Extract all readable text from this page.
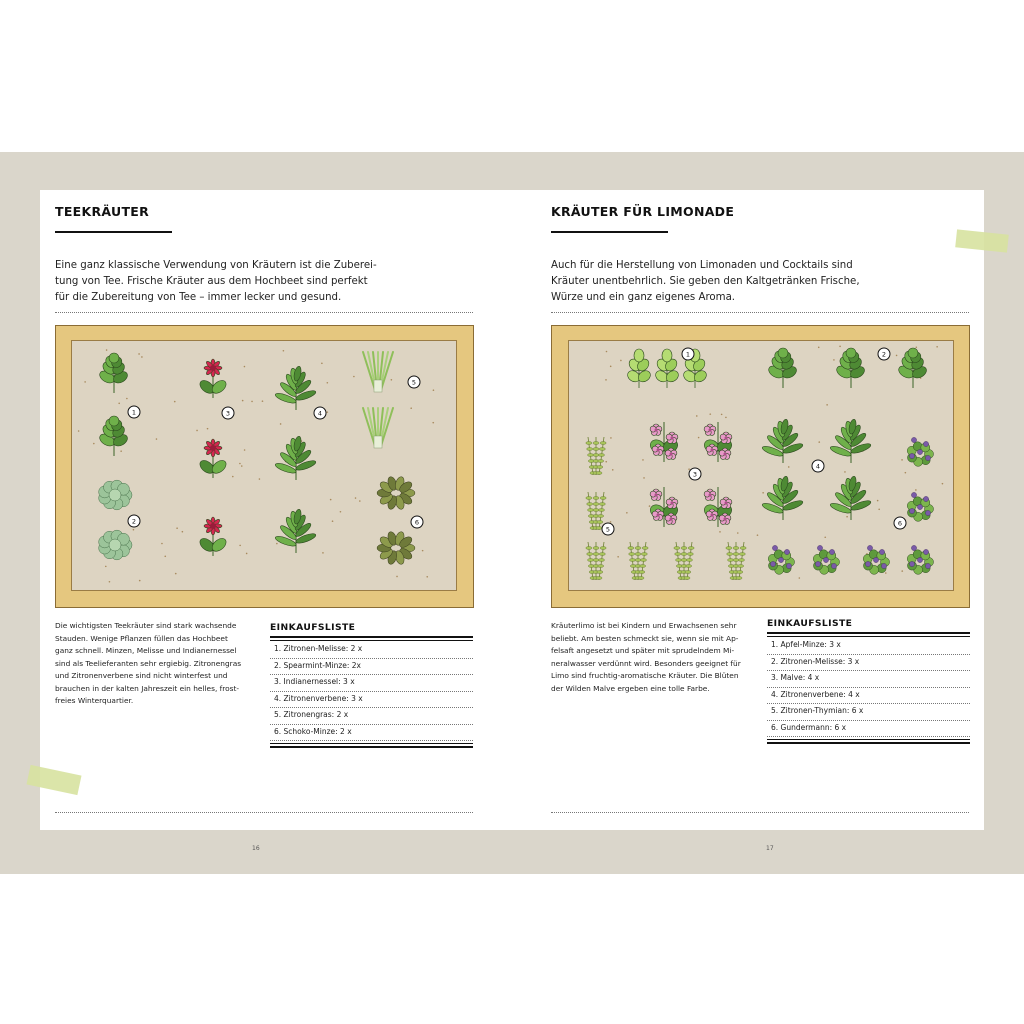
TEEKRÄUTER
Eine ganz klassische Verwendung von Kräutern ist die Zuberei-
tung von Tee. Frische Kräuter aus dem Hochbeet sind perfekt
für die Zubereitung von Tee – immer lecker und gesund.
1
2
3	4
5
6
Die wichtigsten Teekräuter sind stark wachsende
Stauden. Wenige Pflanzen füllen das Hochbeet
ganz schnell. Minzen, Melisse und Indianernessel
sind als Teelieferanten sehr ergiebig. Zitronengras
und Zitronenverbene sind nicht winterfest und
brauchen in der kalten Jahreszeit ein helles, frost-
freies Winterquartier.
EINKAUFSLISTE
1. Zitronen-Melisse: 2 x
2. Spearmint-Minze: 2x
3. Indianernessel: 3 x
4. Zitronenverbene: 3 x
5. Zitronengras: 2 x
6. Schoko-Minze: 2 x
16
KRÄUTER FÜR LIMONADE
Auch für die Herstellung von Limonaden und Cocktails sind
Kräuter unentbehrlich. Sie geben den Kaltgetränken Frische,
Würze und ein ganz eigenes Aroma.
1	2
3
4
5
6
Kräuterlimo ist bei Kindern und Erwachsenen sehr
beliebt. Am besten schmeckt sie, wenn sie mit Ap-
felsaft angesetzt und später mit sprudelndem Mi-
neralwasser verdünnt wird. Besonders geeignet für
Limo sind fruchtig-aromatische Kräuter. Die Blüten
der Wilden Malve ergeben eine tolle Farbe.
EINKAUFSLISTE
1. Apfel-Minze: 3 x
2. Zitronen-Melisse: 3 x
3. Malve: 4 x
4. Zitronenverbene: 4 x
5. Zitronen-Thymian: 6 x
6. Gundermann: 6 x
17
